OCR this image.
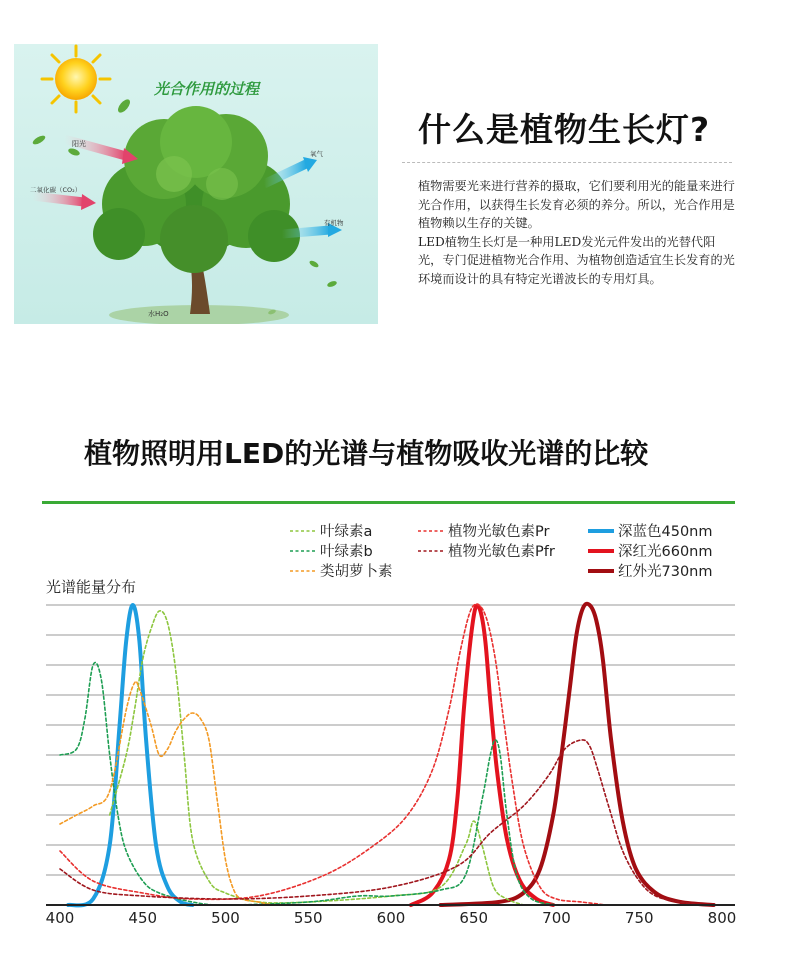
光合作用的过程
阳光
二氧化碳（CO₂）
氧气
有机物
水H₂O
什么是植物生长灯?

植物需要光来进行营养的摄取，它们要利用光的能量来进行光合作用，以获得生长发育必须的养分。所以，光合作用是植物赖以生存的关键。

LED植物生长灯是一种用LED发光元件发出的光替代阳光，专门促进植物光合作用、为植物创造适宜生长发育的光环境而设计的具有特定光谱波长的专用灯具。

植物照明用LED的光谱与植物吸收光谱的比较
400	450	500	550	600	650	700	750	800
叶绿素a
叶绿素b
类胡萝卜素
植物光敏色素Pr
植物光敏色素Pfr
深蓝色450nm
深红光660nm
红外光730nm
光谱能量分布
